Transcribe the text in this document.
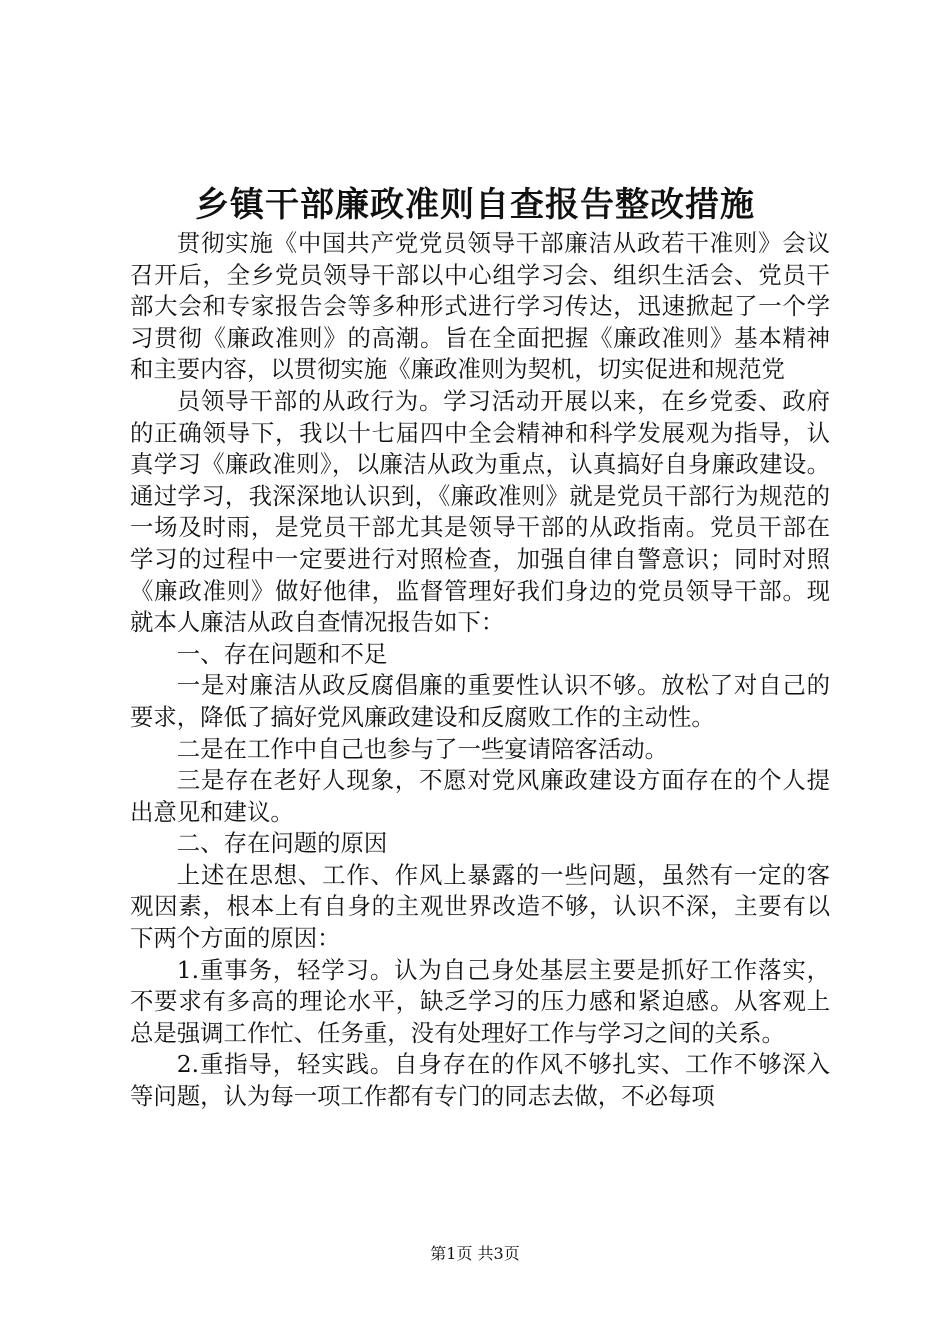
乡镇干部廉政准则自查报告整改措施

贯彻实施《中国共产党党员领导干部廉洁从政若干准则》会议召开后，全乡党员领导干部以中心组学习会、组织生活会、党员干部大会和专家报告会等多种形式进行学习传达，迅速掀起了一个学习贯彻《廉政准则》的高潮。旨在全面把握《廉政准则》基本精神和主要内容，以贯彻实施《廉政准则为契机，切实促进和规范党

员领导干部的从政行为。学习活动开展以来，在乡党委、政府的正确领导下，我以十七届四中全会精神和科学发展观为指导，认真学习《廉政准则》，以廉洁从政为重点，认真搞好自身廉政建设。通过学习，我深深地认识到，《廉政准则》就是党员干部行为规范的一场及时雨，是党员干部尤其是领导干部的从政指南。党员干部在学习的过程中一定要进行对照检查，加强自律自警意识；同时对照《廉政准则》做好他律，监督管理好我们身边的党员领导干部。现就本人廉洁从政自查情况报告如下：

一、存在问题和不足

一是对廉洁从政反腐倡廉的重要性认识不够。放松了对自己的要求，降低了搞好党风廉政建设和反腐败工作的主动性。

二是在工作中自己也参与了一些宴请陪客活动。

三是存在老好人现象，不愿对党风廉政建设方面存在的个人提出意见和建议。

二、存在问题的原因

上述在思想、工作、作风上暴露的一些问题，虽然有一定的客观因素，根本上有自身的主观世界改造不够，认识不深，主要有以下两个方面的原因：

1.重事务，轻学习。认为自己身处基层主要是抓好工作落实，不要求有多高的理论水平，缺乏学习的压力感和紧迫感。从客观上总是强调工作忙、任务重，没有处理好工作与学习之间的关系。

2.重指导，轻实践。自身存在的作风不够扎实、工作不够深入等问题，认为每一项工作都有专门的同志去做，不必每项

第1页 共3页
